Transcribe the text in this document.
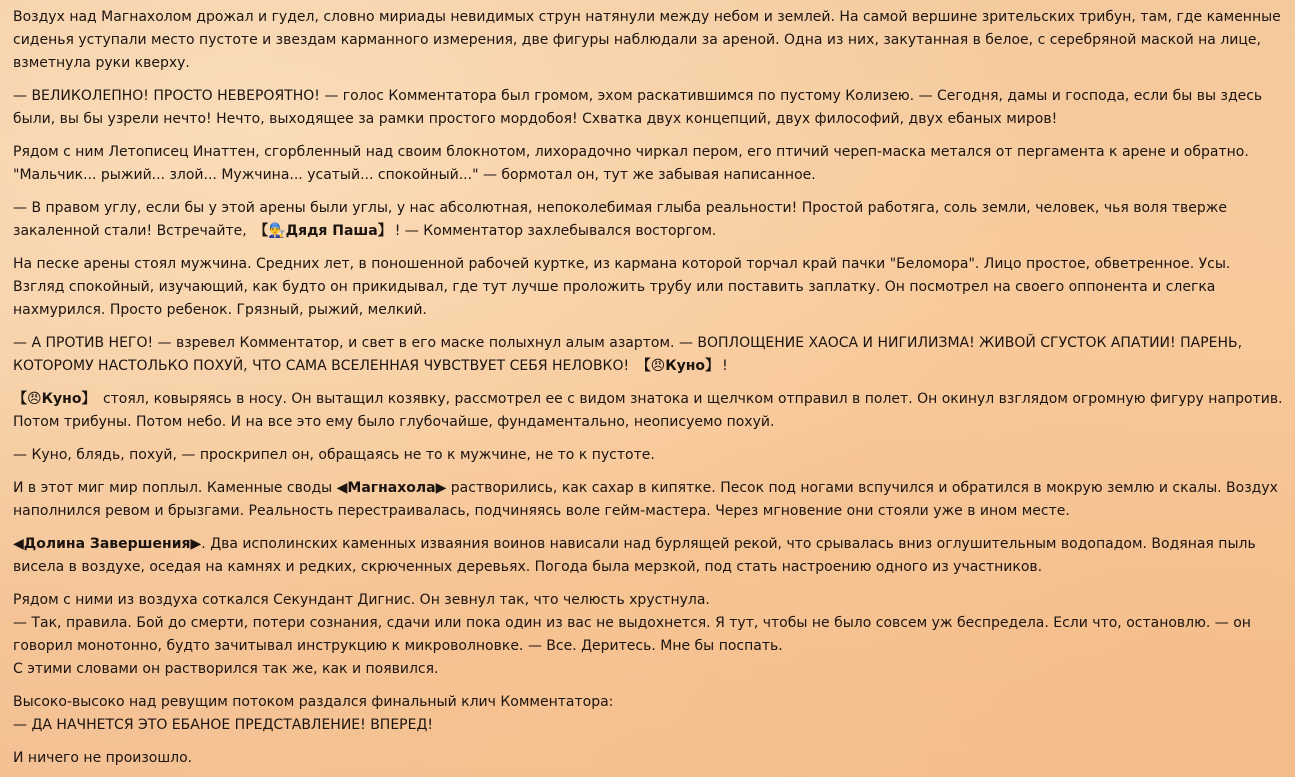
Воздух над Магнахолом дрожал и гудел, словно мириады невидимых струн натянули между небом и землей. На самой вершине зрительских трибун, там, где каменные сиденья уступали место пустоте и звездам карманного измерения, две фигуры наблюдали за ареной. Одна из них, закутанная в белое, с серебряной маской на лице, взметнула руки кверху.

— ВЕЛИКОЛЕПНО! ПРОСТО НЕВЕРОЯТНО! — голос Комментатора был громом, эхом раскатившимся по пустому Колизею. — Сегодня, дамы и господа, если бы вы здесь были, вы бы узрели нечто! Нечто, выходящее за рамки простого мордобоя! Схватка двух концепций, двух философий, двух ебаных миров!

Рядом с ним Летописец Инаттен, сгорбленный над своим блокнотом, лихорадочно чиркал пером, его птичий череп-маска метался от пергамента к арене и обратно. "Мальчик... рыжий... злой... Мужчина... усатый... спокойный..." — бормотал он, тут же забывая написанное.

— В правом углу, если бы у этой арены были углы, у нас абсолютная, непоколебимая глыба реальности! Простой работяга, соль земли, человек, чья воля тверже закаленной стали! Встречайте, 【👨‍🔧Дядя Паша】 ! — Комментатор захлебывался восторгом.

На песке арены стоял мужчина. Средних лет, в поношенной рабочей куртке, из кармана которой торчал край пачки "Беломора". Лицо простое, обветренное. Усы. Взгляд спокойный, изучающий, как будто он прикидывал, где тут лучше проложить трубу или поставить заплатку. Он посмотрел на своего оппонента и слегка нахмурился. Просто ребенок. Грязный, рыжий, мелкий.

— А ПРОТИВ НЕГО! — взревел Комментатор, и свет в его маске полыхнул алым азартом. — ВОПЛОЩЕНИЕ ХАОСА И НИГИЛИЗМА! ЖИВОЙ СГУСТОК АПАТИИ! ПАРЕНЬ, КОТОРОМУ НАСТОЛЬКО ПОХУЙ, ЧТО САМА ВСЕЛЕННАЯ ЧУВСТВУЕТ СЕБЯ НЕЛОВКО! 【😠Куно】 !

【😠Куно】 стоял, ковыряясь в носу. Он вытащил козявку, рассмотрел ее с видом знатока и щелчком отправил в полет. Он окинул взглядом огромную фигуру напротив. Потом трибуны. Потом небо. И на все это ему было глубочайше, фундаментально, неописуемо похуй.

— Куно, блядь, похуй, — проскрипел он, обращаясь не то к мужчине, не то к пустоте.

И в этот миг мир поплыл. Каменные своды ◀Магнахола▶ растворились, как сахар в кипятке. Песок под ногами вспучился и обратился в мокрую землю и скалы. Воздух наполнился ревом и брызгами. Реальность перестраивалась, подчиняясь воле гейм-мастера. Через мгновение они стояли уже в ином месте.

◀Долина Завершения▶. Два исполинских каменных изваяния воинов нависали над бурлящей рекой, что срывалась вниз оглушительным водопадом. Водяная пыль висела в воздухе, оседая на камнях и редких, скрюченных деревьях. Погода была мерзкой, под стать настроению одного из участников.

Рядом с ними из воздуха соткался Секундант Дигнис. Он зевнул так, что челюсть хрустнула.
— Так, правила. Бой до смерти, потери сознания, сдачи или пока один из вас не выдохнется. Я тут, чтобы не было совсем уж беспредела. Если что, остановлю. — он говорил монотонно, будто зачитывал инструкцию к микроволновке. — Все. Деритесь. Мне бы поспать.
С этими словами он растворился так же, как и появился.

Высоко-высоко над ревущим потоком раздался финальный клич Комментатора:
— ДА НАЧНЕТСЯ ЭТО ЕБАНОЕ ПРЕДСТАВЛЕНИЕ! ВПЕРЕД!

И ничего не произошло.
